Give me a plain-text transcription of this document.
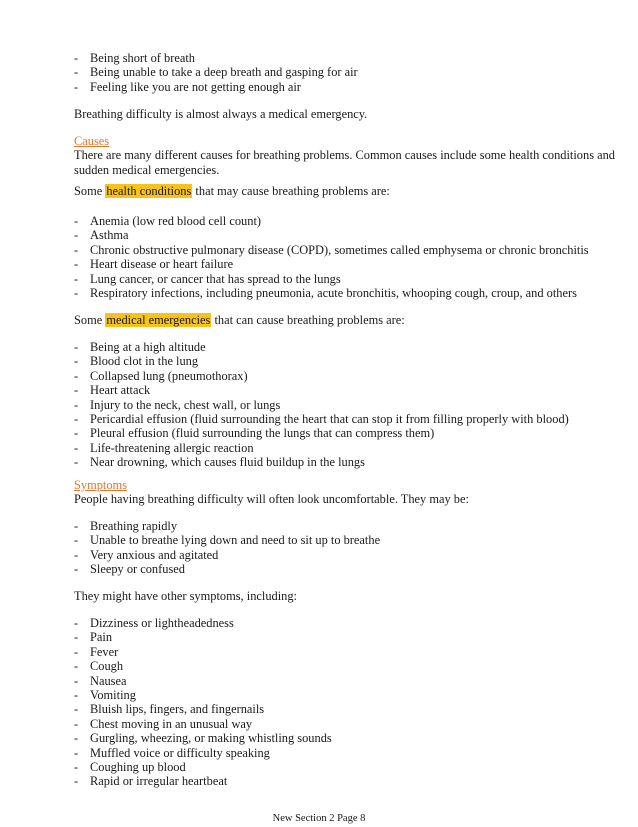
- Being short of breath
- Being unable to take a deep breath and gasping for air
- Feeling like you are not getting enough air

Breathing difficulty is almost always a medical emergency.

Causes

There are many different causes for breathing problems. Common causes include some health conditions and sudden medical emergencies.

Some health conditions that may cause breathing problems are:

- Anemia (low red blood cell count)
- Asthma
- Chronic obstructive pulmonary disease (COPD), sometimes called emphysema or chronic bronchitis
- Heart disease or heart failure
- Lung cancer, or cancer that has spread to the lungs
- Respiratory infections, including pneumonia, acute bronchitis, whooping cough, croup, and others

Some medical emergencies that can cause breathing problems are:

- Being at a high altitude
- Blood clot in the lung
- Collapsed lung (pneumothorax)
- Heart attack
- Injury to the neck, chest wall, or lungs
- Pericardial effusion (fluid surrounding the heart that can stop it from filling properly with blood)
- Pleural effusion (fluid surrounding the lungs that can compress them)
- Life-threatening allergic reaction
- Near drowning, which causes fluid buildup in the lungs

Symptoms

People having breathing difficulty will often look uncomfortable. They may be:

- Breathing rapidly
- Unable to breathe lying down and need to sit up to breathe
- Very anxious and agitated
- Sleepy or confused

They might have other symptoms, including:

- Dizziness or lightheadedness
- Pain
- Fever
- Cough
- Nausea
- Vomiting
- Bluish lips, fingers, and fingernails
- Chest moving in an unusual way
- Gurgling, wheezing, or making whistling sounds
- Muffled voice or difficulty speaking
- Coughing up blood
- Rapid or irregular heartbeat
New Section 2 Page 8
